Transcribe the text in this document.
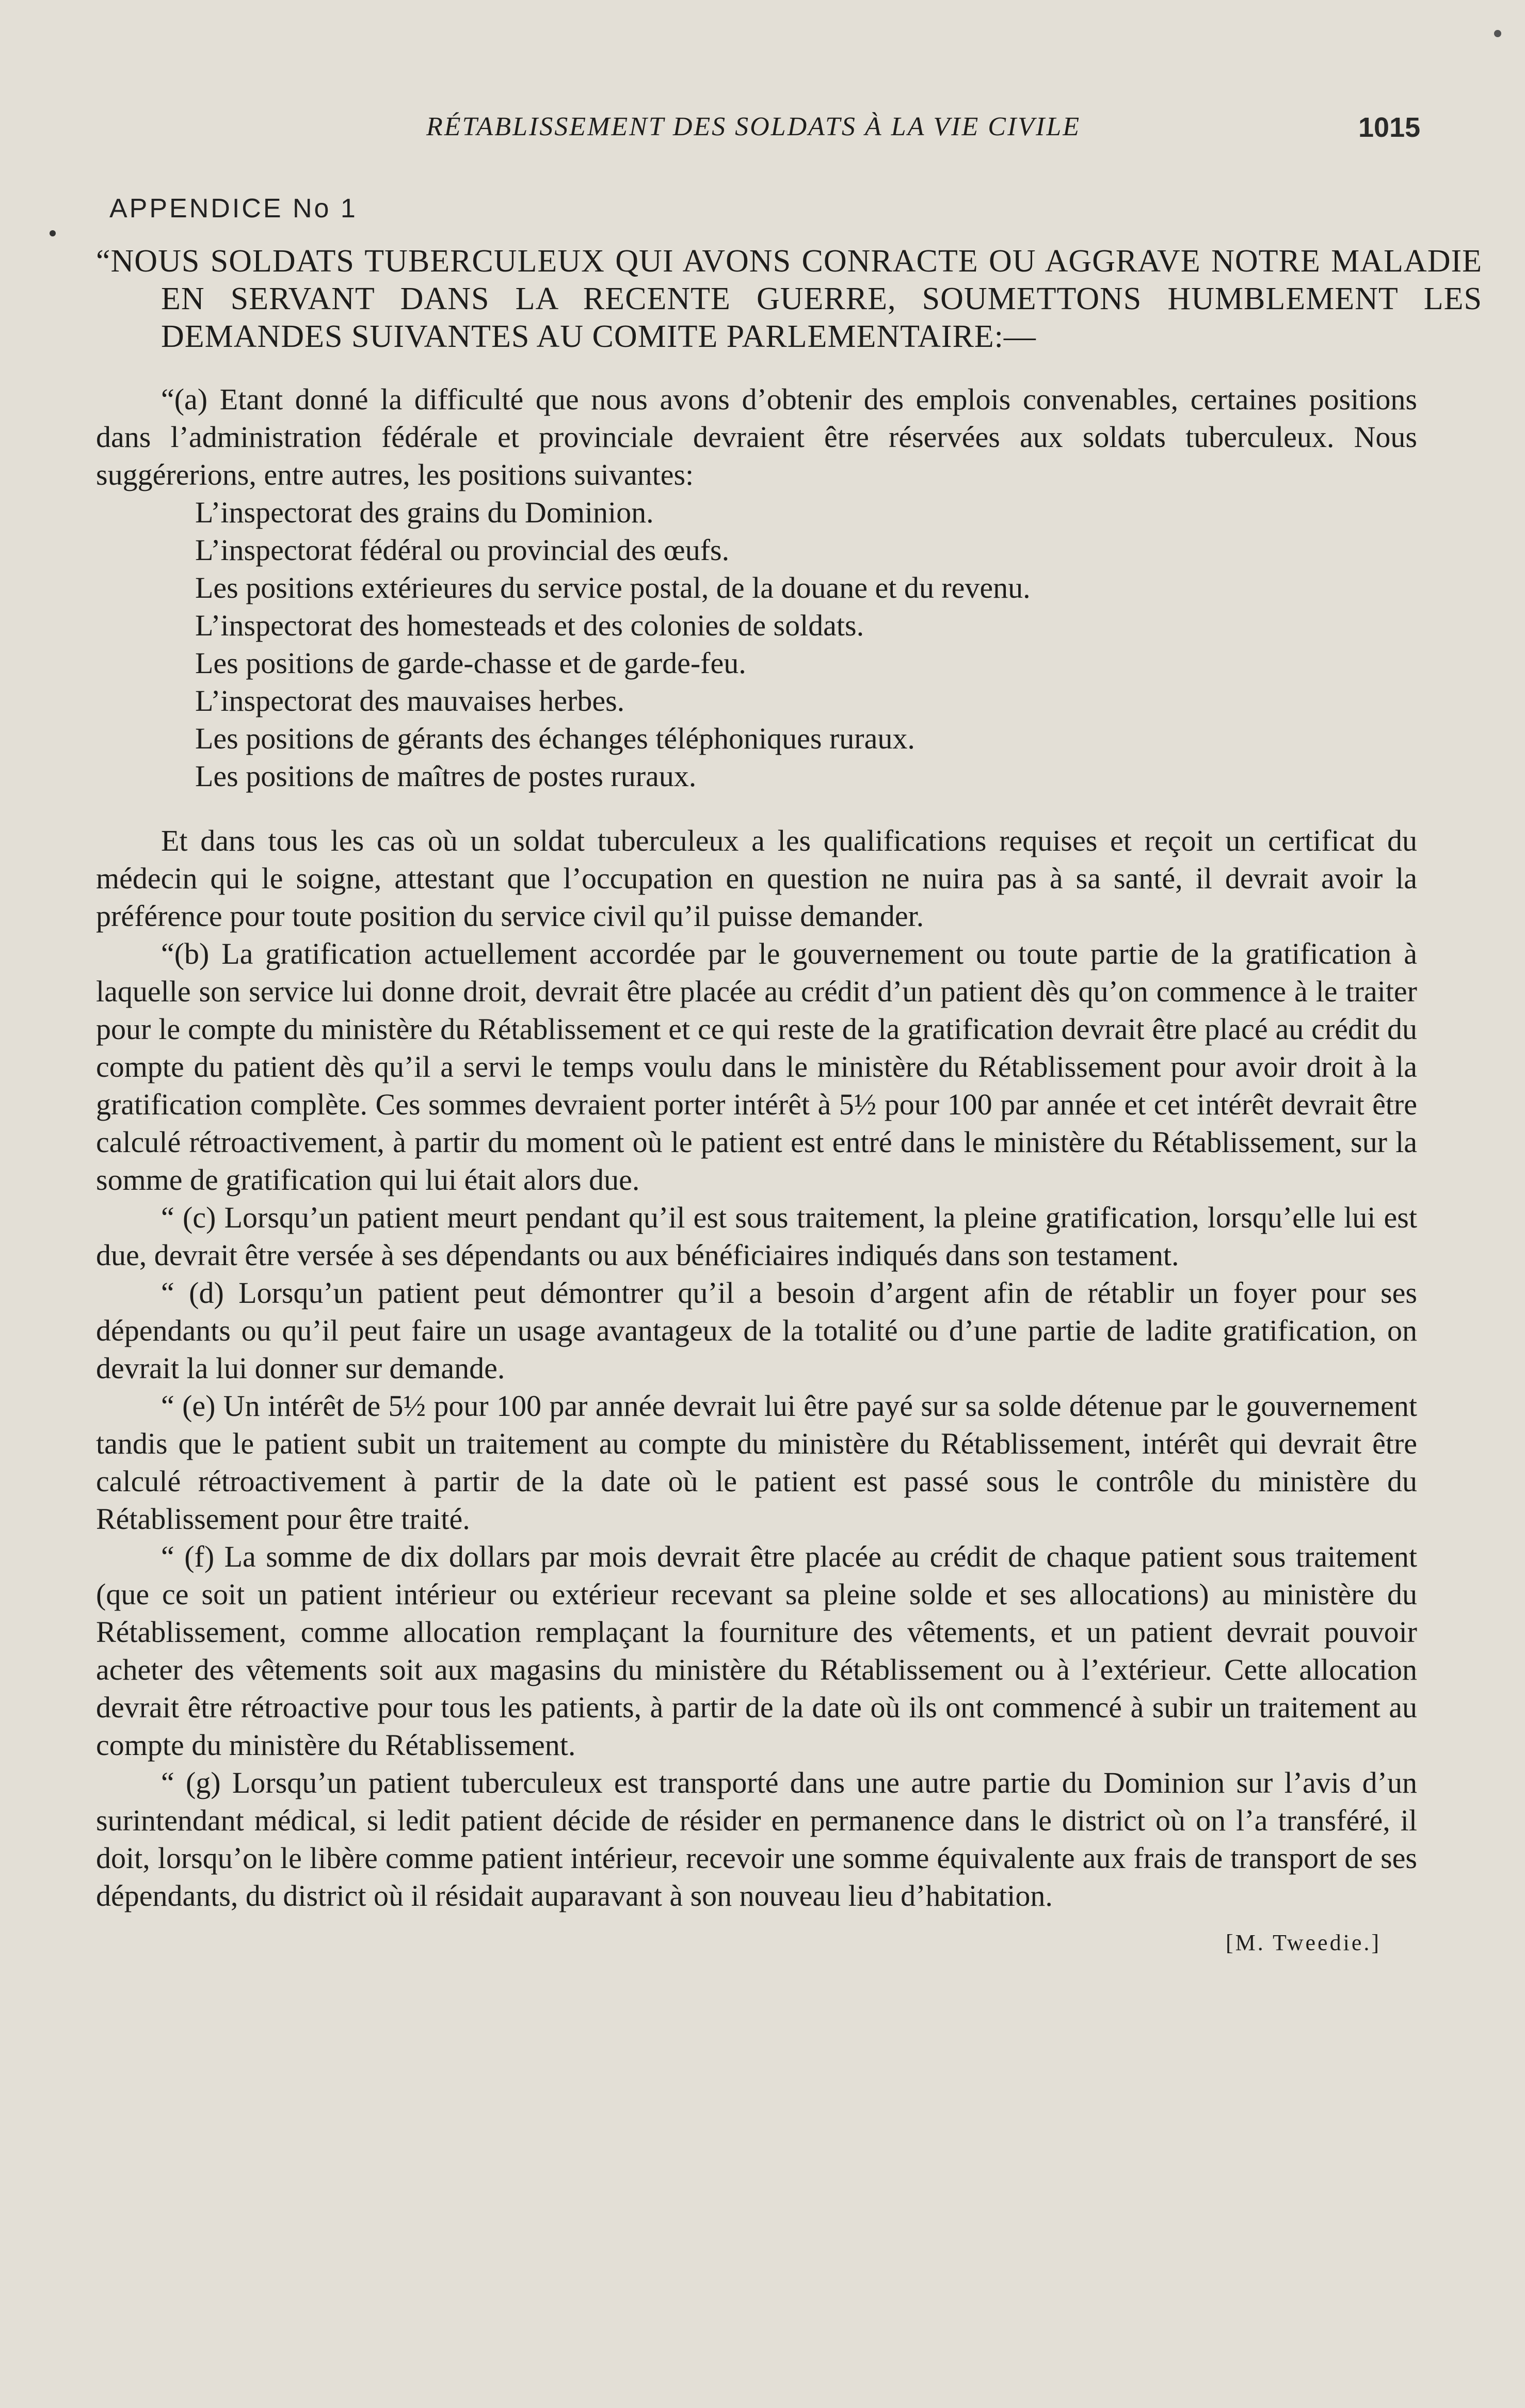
RÉTABLISSEMENT DES SOLDATS À LA VIE CIVILE	1015
APPENDICE No 1
“NOUS SOLDATS TUBERCULEUX QUI AVONS CONRACTE OU AGGRAVE NOTRE MALADIE EN SERVANT DANS LA RECENTE GUERRE, SOUMETTONS HUMBLEMENT LES DEMANDES SUIVANTES AU COMITE PARLEMENTAIRE:—

“(a) Etant donné la difficulté que nous avons d’obtenir des emplois convenables, certaines positions dans l’administration fédérale et provinciale devraient être réservées aux soldats tuberculeux. Nous suggérerions, entre autres, les positions suivantes:

L’inspectorat des grains du Dominion.
L’inspectorat fédéral ou provincial des œufs.
Les positions extérieures du service postal, de la douane et du revenu.
L’inspectorat des homesteads et des colonies de soldats.
Les positions de garde-chasse et de garde-feu.
L’inspectorat des mauvaises herbes.
Les positions de gérants des échanges téléphoniques ruraux.
Les positions de maîtres de postes ruraux.

Et dans tous les cas où un soldat tuberculeux a les qualifications requises et reçoit un certificat du médecin qui le soigne, attestant que l’occupation en question ne nuira pas à sa santé, il devrait avoir la préférence pour toute position du service civil qu’il puisse demander.

“(b) La gratification actuellement accordée par le gouvernement ou toute partie de la gratification à laquelle son service lui donne droit, devrait être placée au crédit d’un patient dès qu’on commence à le traiter pour le compte du ministère du Rétablissement et ce qui reste de la gratification devrait être placé au crédit du compte du patient dès qu’il a servi le temps voulu dans le ministère du Rétablissement pour avoir droit à la gratification complète. Ces sommes devraient porter intérêt à 5½ pour 100 par année et cet intérêt devrait être calculé rétroactivement, à partir du moment où le patient est entré dans le ministère du Rétablissement, sur la somme de gratification qui lui était alors due.

“ (c) Lorsqu’un patient meurt pendant qu’il est sous traitement, la pleine gratification, lorsqu’elle lui est due, devrait être versée à ses dépendants ou aux bénéficiaires indiqués dans son testament.

“ (d) Lorsqu’un patient peut démontrer qu’il a besoin d’argent afin de rétablir un foyer pour ses dépendants ou qu’il peut faire un usage avantageux de la totalité ou d’une partie de ladite gratification, on devrait la lui donner sur demande.

“ (e) Un intérêt de 5½ pour 100 par année devrait lui être payé sur sa solde détenue par le gouvernement tandis que le patient subit un traitement au compte du ministère du Rétablissement, intérêt qui devrait être calculé rétroactivement à partir de la date où le patient est passé sous le contrôle du ministère du Rétablissement pour être traité.

“ (f) La somme de dix dollars par mois devrait être placée au crédit de chaque patient sous traitement (que ce soit un patient intérieur ou extérieur recevant sa pleine solde et ses allocations) au ministère du Rétablissement, comme allocation remplaçant la fourniture des vêtements, et un patient devrait pouvoir acheter des vêtements soit aux magasins du ministère du Rétablissement ou à l’extérieur. Cette allocation devrait être rétroactive pour tous les patients, à partir de la date où ils ont commencé à subir un traitement au compte du ministère du Rétablissement.

“ (g) Lorsqu’un patient tuberculeux est transporté dans une autre partie du Dominion sur l’avis d’un surintendant médical, si ledit patient décide de résider en permanence dans le district où on l’a transféré, il doit, lorsqu’on le libère comme patient intérieur, recevoir une somme équivalente aux frais de transport de ses dépendants, du district où il résidait auparavant à son nouveau lieu d’habitation.

[M. Tweedie.]
